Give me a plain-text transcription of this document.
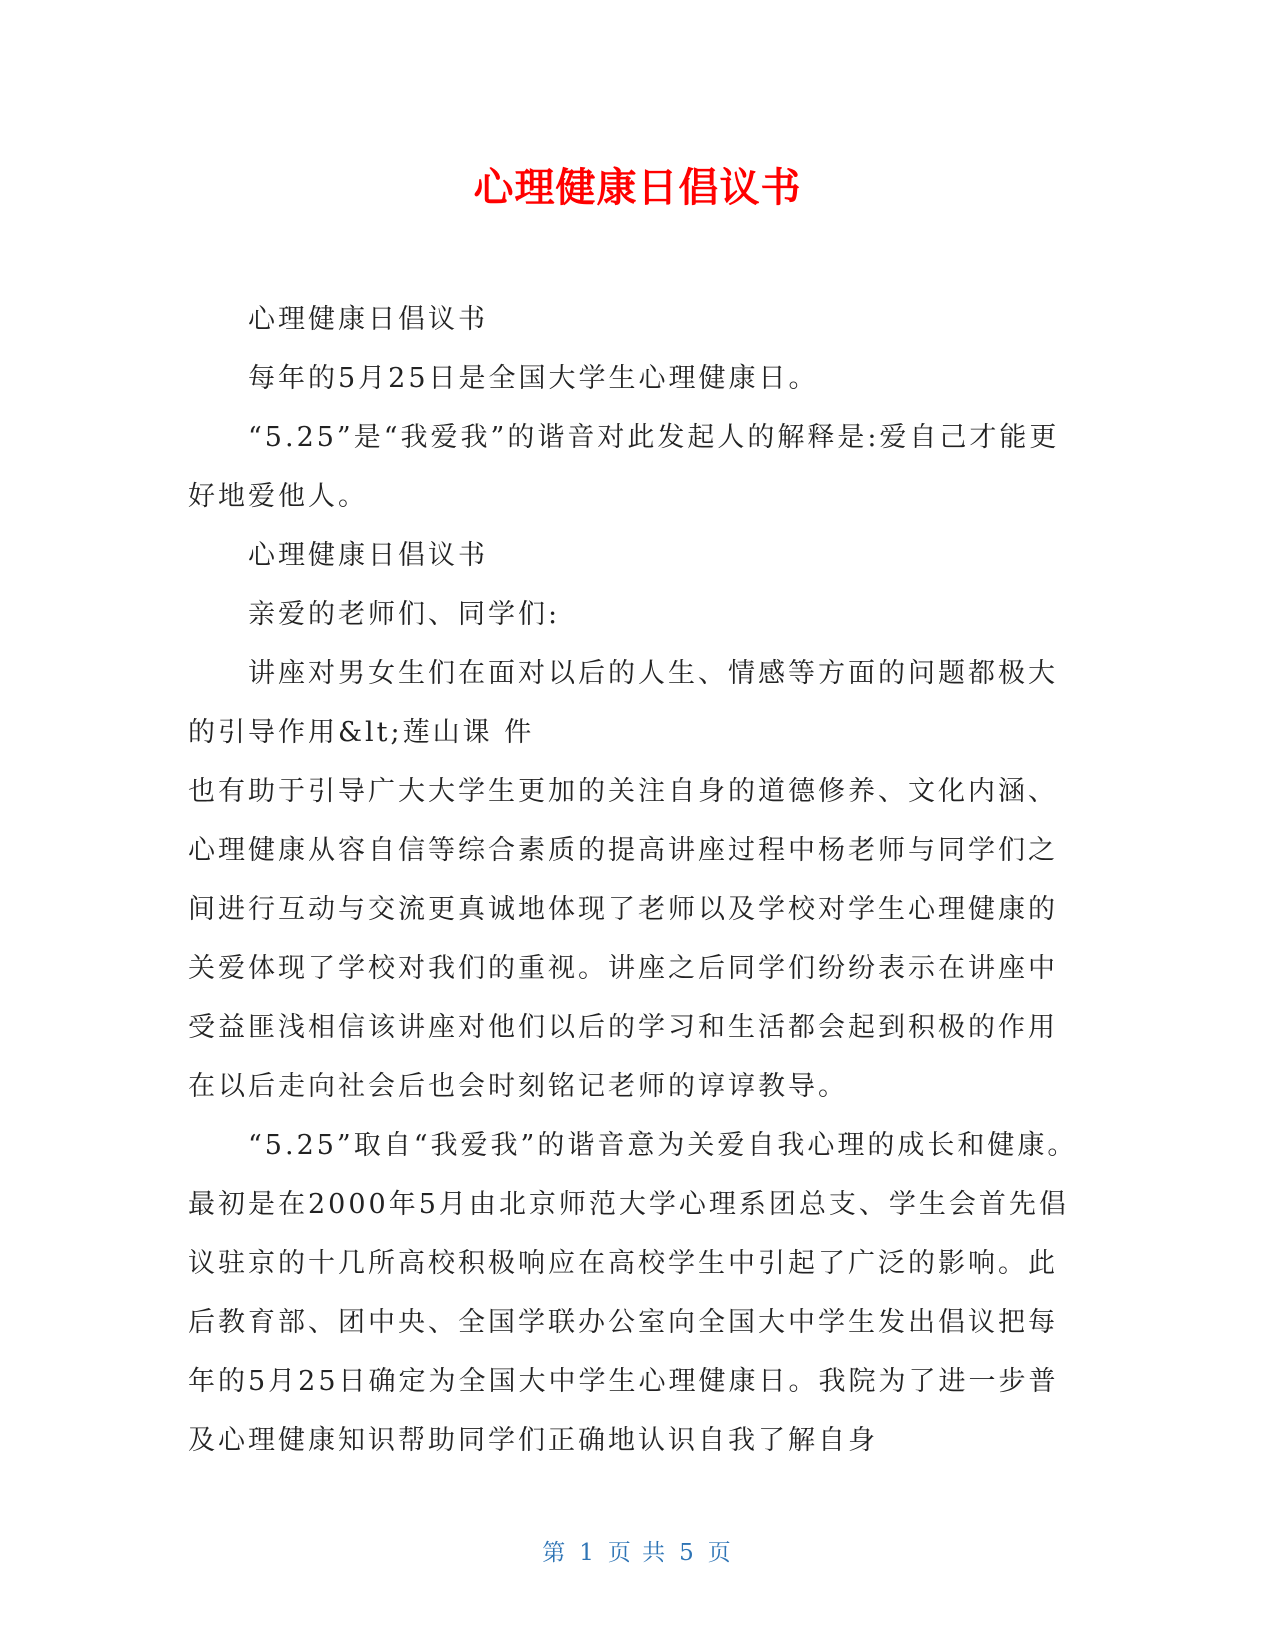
心理健康日倡议书

心理健康日倡议书

每年的5月25日是全国大学生心理健康日。

“5.25”是“我爱我”的谐音对此发起人的解释是:爱自己才能更好地爱他人。

心理健康日倡议书

亲爱的老师们、同学们:

讲座对男女生们在面对以后的人生、情感等方面的问题都极大的引导作用&lt;莲山课 件

也有助于引导广大大学生更加的关注自身的道德修养、文化内涵、心理健康从容自信等综合素质的提高讲座过程中杨老师与同学们之间进行互动与交流更真诚地体现了老师以及学校对学生心理健康的关爱体现了学校对我们的重视。讲座之后同学们纷纷表示在讲座中受益匪浅相信该讲座对他们以后的学习和生活都会起到积极的作用在以后走向社会后也会时刻铭记老师的谆谆教导。

“5.25”取自“我爱我”的谐音意为关爱自我心理的成长和健康。最初是在2000年5月由北京师范大学心理系团总支、学生会首先倡议驻京的十几所高校积极响应在高校学生中引起了广泛的影响。此后教育部、团中央、全国学联办公室向全国大中学生发出倡议把每年的5月25日确定为全国大中学生心理健康日。我院为了进一步普及心理健康知识帮助同学们正确地认识自我了解自身

第 1 页 共 5 页
